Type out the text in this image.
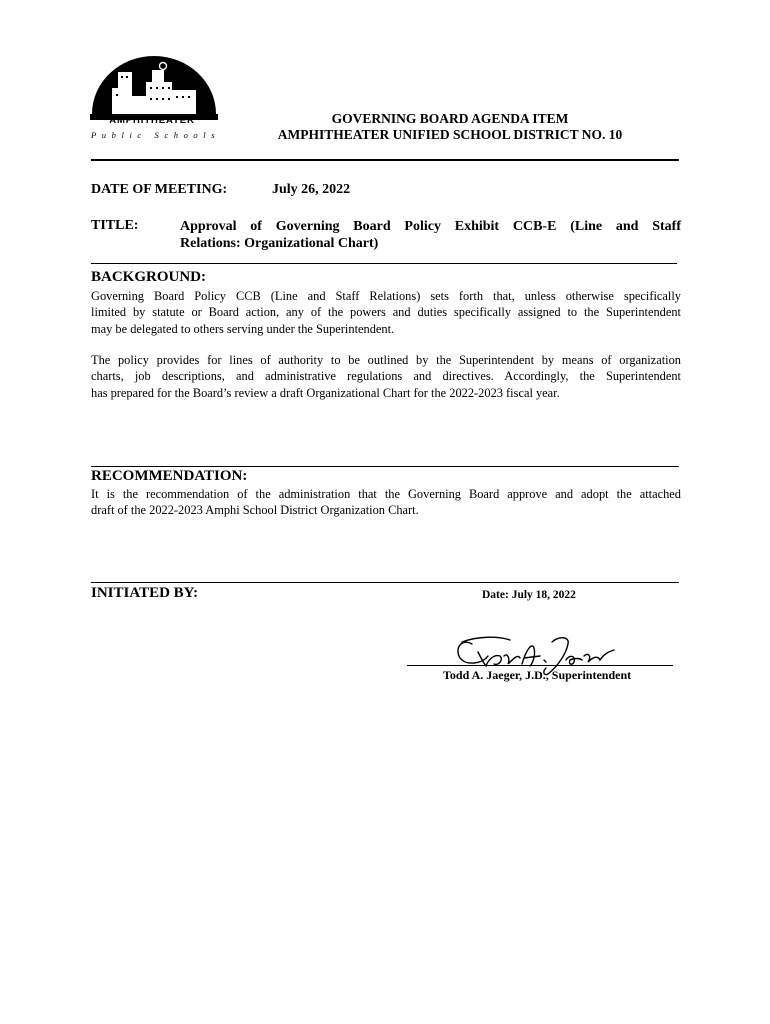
AMPHITHEATER
Public Schools
GOVERNING BOARD AGENDA ITEM
AMPHITHEATER UNIFIED SCHOOL DISTRICT NO. 10
DATE OF MEETING:	July 26, 2022
TITLE:	Approval of Governing Board Policy Exhibit CCB-E (Line and Staff
Relations: Organizational Chart)
BACKGROUND:
Governing Board Policy CCB (Line and Staff Relations) sets forth that, unless otherwise specifically
limited by statute or Board action, any of the powers and duties specifically assigned to the Superintendent
may be delegated to others serving under the Superintendent.
The policy provides for lines of authority to be outlined by the Superintendent by means of organization
charts, job descriptions, and administrative regulations and directives. Accordingly, the Superintendent
has prepared for the Board’s review a draft Organizational Chart for the 2022-2023 fiscal year.
RECOMMENDATION:
It is the recommendation of the administration that the Governing Board approve and adopt the attached
draft of the 2022-2023 Amphi School District Organization Chart.
INITIATED BY:	Date: July 18, 2022
Todd A. Jaeger, J.D., Superintendent
